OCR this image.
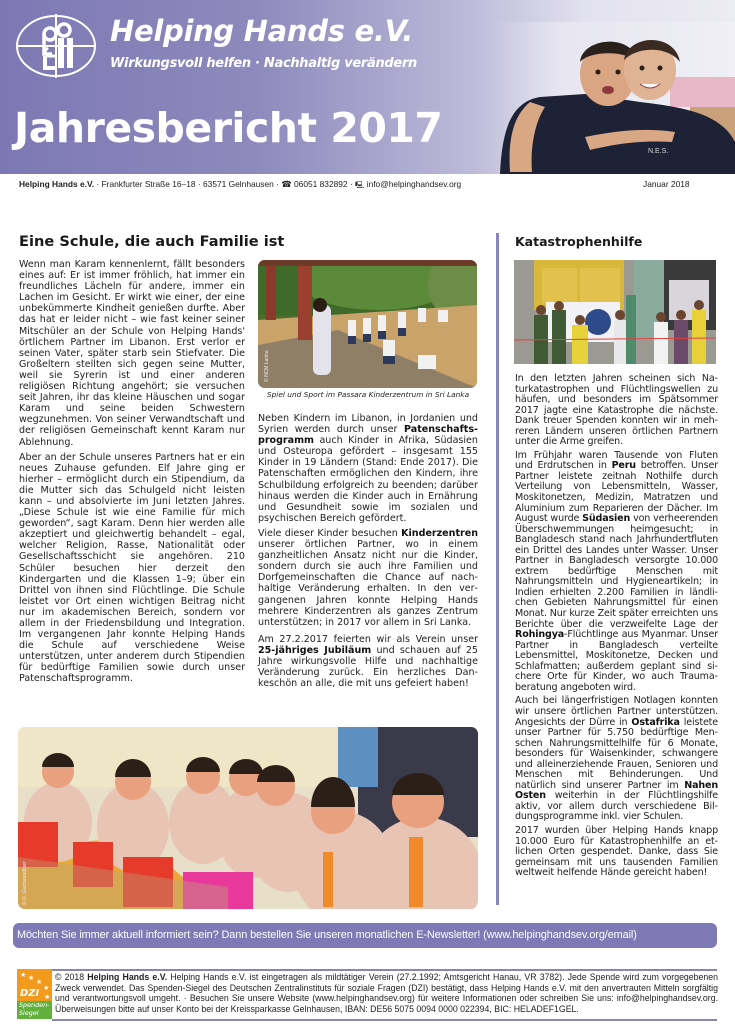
Helping Hands e.V.
Wirkungsvoll helfen · Nachhaltig verändern
Jahresbericht 2017	N.E.S.
Helping Hands e.V. · Frankfurter Straße 16–18 · 63571 Gelnhausen · ☎ 06051 832892 · 🖳 info@helpinghandsev.org	Januar 2018
Eine Schule, die auch Familie ist

Wenn man Karam kennenlernt, fällt besonders eines auf: Er ist immer fröhlich, hat immer ein freundliches Lächeln für andere, immer ein Lachen im Gesicht. Er wirkt wie einer, der eine unbekümmerte Kindheit genießen durfte. Aber das hat er leider nicht – wie fast keiner seiner Mitschüler an der Schule von Helping Hands' örtlichem Partner im Libanon. Erst verlor er seinen Vater, später starb sein Stiefvater. Die Großeltern stellten sich gegen seine Mutter, weil sie Syrerin ist und einer anderen religiösen Richtung angehört; sie versuchen seit Jahren, ihr das kleine Häuschen und sogar Karam und seine beiden Schwestern wegzunehmen. Von seiner Verwandtschaft und der religiösen Gemeinschaft kennt Karam nur Ablehnung.

Aber an der Schule unseres Partners hat er ein neues Zuhause gefunden. Elf Jahre ging er hierher – ermöglicht durch ein Stipendium, da die Mutter sich das Schulgeld nicht leisten kann – und absolvierte im Juni letzten Jahres. „Diese Schule ist wie eine Familie für mich geworden“, sagt Karam. Denn hier werden alle akzeptiert und gleichwertig behandelt – egal, welcher Religion, Rasse, Nationalität oder Gesellschaftsschicht sie angehören. 210 Schüler besuchen hier derzeit den Kindergarten und die Klassen 1–9; über ein Drittel von ihnen sind Flüchtlinge. Die Schule leistet vor Ort einen wichtigen Beitrag nicht nur im akademischen Bereich, sondern vor allem in der Friedensbildung und Integration. Im vergangenen Jahr konnte Helping Hands die Schule auf verschiedene Weise unterstützen, unter anderem durch Stipendien für bedürftige Familien sowie durch unser Patenschaftsprogramm.

© NCM Lanka
Spiel und Sport im Passara Kinderzentrum in Sri Lanka

Neben Kindern im Libanon, in Jordanien und Syrien werden durch unser Patenschaftsprogramm auch Kinder in Afrika, Südasien und Osteuropa gefördert – insgesamt 155 Kinder in 19 Ländern (Stand: Ende 2017). Die Patenschaften ermöglichen den Kindern, ihre Schulbildung erfolgreich zu beenden; darüber hinaus werden die Kinder auch in Ernährung und Gesundheit sowie im sozialen und psychischen Bereich gefördert.

Viele dieser Kinder besuchen Kinderzentren unserer örtlichen Partner, wo in einem ganzheitlichen Ansatz nicht nur die Kinder, sondern durch sie auch ihre Familien und Dorfgemeinschaften die Chance auf nachhaltige Veränderung erhalten. In den vergangenen Jahren konnte Helping Hands mehrere Kinderzentren als ganzes Zentrum unterstützen; in 2017 vor allem in Sri Lanka.

Am 27.2.2017 feierten wir als Verein unser 25-jähriges Jubiläum und schauen auf 25 Jahre wirkungsvolle Hilfe und nachhaltige Veränderung zurück. Ein herzliches Dankeschön an alle, die mit uns gefeiert haben!

© D. Gschwandtner
Katastrophenhilfe

In den letzten Jahren scheinen sich Naturkatastrophen und Flüchtlingswellen zu häufen, und besonders im Spätsommer 2017 jagte eine Katastrophe die nächste. Dank treuer Spenden konnten wir in mehreren Ländern unseren örtlichen Partnern unter die Arme greifen.

Im Frühjahr waren Tausende von Fluten und Erdrutschen in Peru betroffen. Unser Partner leistete zeitnah Nothilfe durch Verteilung von Lebensmitteln, Wasser, Moskitonetzen, Medizin, Matratzen und Aluminium zum Reparieren der Dächer. Im August wurde Südasien von verheerenden Überschwemmungen heimgesucht; in Bangladesch stand nach Jahrhundertfluten ein Drittel des Landes unter Wasser. Unser Partner in Bangladesch versorgte 10.000 extrem bedürftige Menschen mit Nahrungsmitteln und Hygieneartikeln; in Indien erhielten 2.200 Familien in ländlichen Gebieten Nahrungsmittel für einen Monat. Nur kurze Zeit später erreichten uns Berichte über die verzweifelte Lage der Rohingya-Flüchtlinge aus Myanmar. Unser Partner in Bangladesch verteilte Lebensmittel, Moskitonetze, Decken und Schlafmatten; außerdem geplant sind sichere Orte für Kinder, wo auch Traumaberatung angeboten wird.

Auch bei längerfristigen Notlagen konnten wir unsere örtlichen Partner unterstützen. Angesichts der Dürre in Ostafrika leistete unser Partner für 5.750 bedürftige Menschen Nahrungsmittelhilfe für 6 Monate, besonders für Waisenkinder, schwangere und alleinerziehende Frauen, Senioren und Menschen mit Behinderungen. Und natürlich sind unserer Partner im Nahen Osten weiterhin in der Flüchtlingshilfe aktiv, vor allem durch verschiedene Bildungsprogramme inkl. vier Schulen.

2017 wurden über Helping Hands knapp 10.000 Euro für Katastrophenhilfe an etlichen Orten gespendet. Danke, dass Sie gemeinsam mit uns tausenden Familien weltweit helfende Hände gereicht haben!

Möchten Sie immer aktuell informiert sein? Dann bestellen Sie unseren monatlichen E-Newsletter! (www.helpinghandsev.org/email)
★ ★ ★
★
★
DZI
Spenden-Siegel
© 2018 Helping Hands e.V. Helping Hands e.V. ist eingetragen als mildtätiger Verein (27.2.1992; Amtsgericht Hanau, VR 3782). Jede Spende wird zum vorgegebenen Zweck verwendet. Das Spenden-Siegel des Deutschen Zentralinstituts für soziale Fragen (DZI) bestätigt, dass Helping Hands e.V. mit den anvertrauten Mitteln sorgfältig und verantwortungsvoll umgeht. · Besuchen Sie unsere Website (www.helpinghandsev.org) für weitere Informationen oder schreiben Sie uns: info@helpinghandsev.org. Überweisungen bitte auf unser Konto bei der Kreissparkasse Gelnhausen, IBAN: DE56 5075 0094 0000 022394, BIC: HELADEF1GEL.
